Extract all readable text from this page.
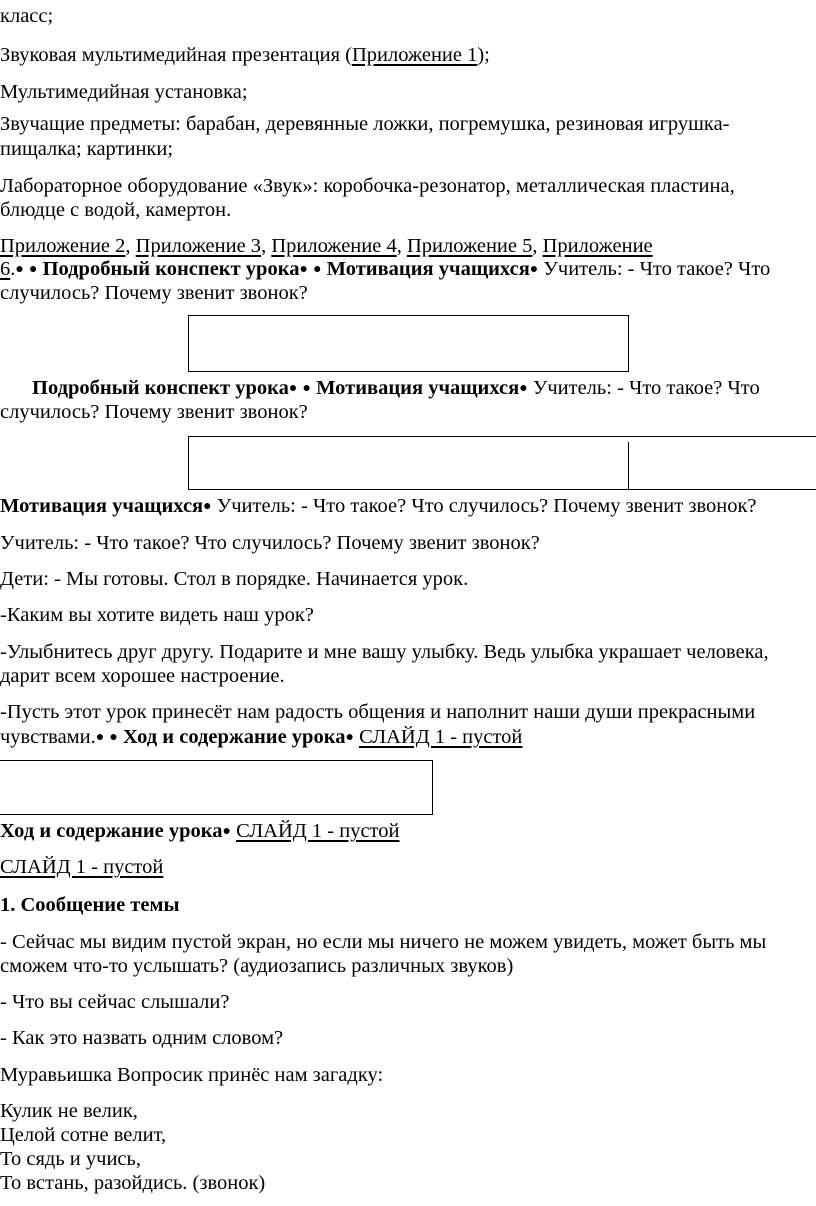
класс;
Звуковая мультимедийная презентация (Приложение 1);
Мультимедийная установка;
Звучащие предметы: барабан, деревянные ложки, погремушка, резиновая игрушка-
пищалка; картинки;
Лабораторное оборудование «Звук»: коробочка-резонатор, металлическая пластина,
блюдце с водой, камертон.
Приложение 2, Приложение 3, Приложение 4, Приложение 5, Приложение
6.● ● Подробный конспект урока● ● Мотивация учащихся● Учитель: - Что такое? Что
случилось? Почему звенит звонок?
Подробный конспект урока● ● Мотивация учащихся● Учитель: - Что такое? Что
случилось? Почему звенит звонок?
Мотивация учащихся● Учитель: - Что такое? Что случилось? Почему звенит звонок?
Учитель: - Что такое? Что случилось? Почему звенит звонок?
Дети: - Мы готовы. Стол в порядке. Начинается урок.
-Каким вы хотите видеть наш урок?
-Улыбнитесь друг другу. Подарите и мне вашу улыбку. Ведь улыбка украшает человека,
дарит всем хорошее настроение.
-Пусть этот урок принесёт нам радость общения и наполнит наши души прекрасными
чувствами.● ● Ход и содержание урока● СЛАЙД 1 - пустой
Ход и содержание урока● СЛАЙД 1 - пустой
СЛАЙД 1 - пустой
1. Сообщение темы
- Сейчас мы видим пустой экран, но если мы ничего не можем увидеть, может быть мы
сможем что-то услышать? (аудиозапись различных звуков)
- Что вы сейчас слышали?
- Как это назвать одним словом?
Муравьишка Вопросик принёс нам загадку:
Кулик не велик,
Целой сотне велит,
То сядь и учись,
То встань, разойдись. (звонок)
